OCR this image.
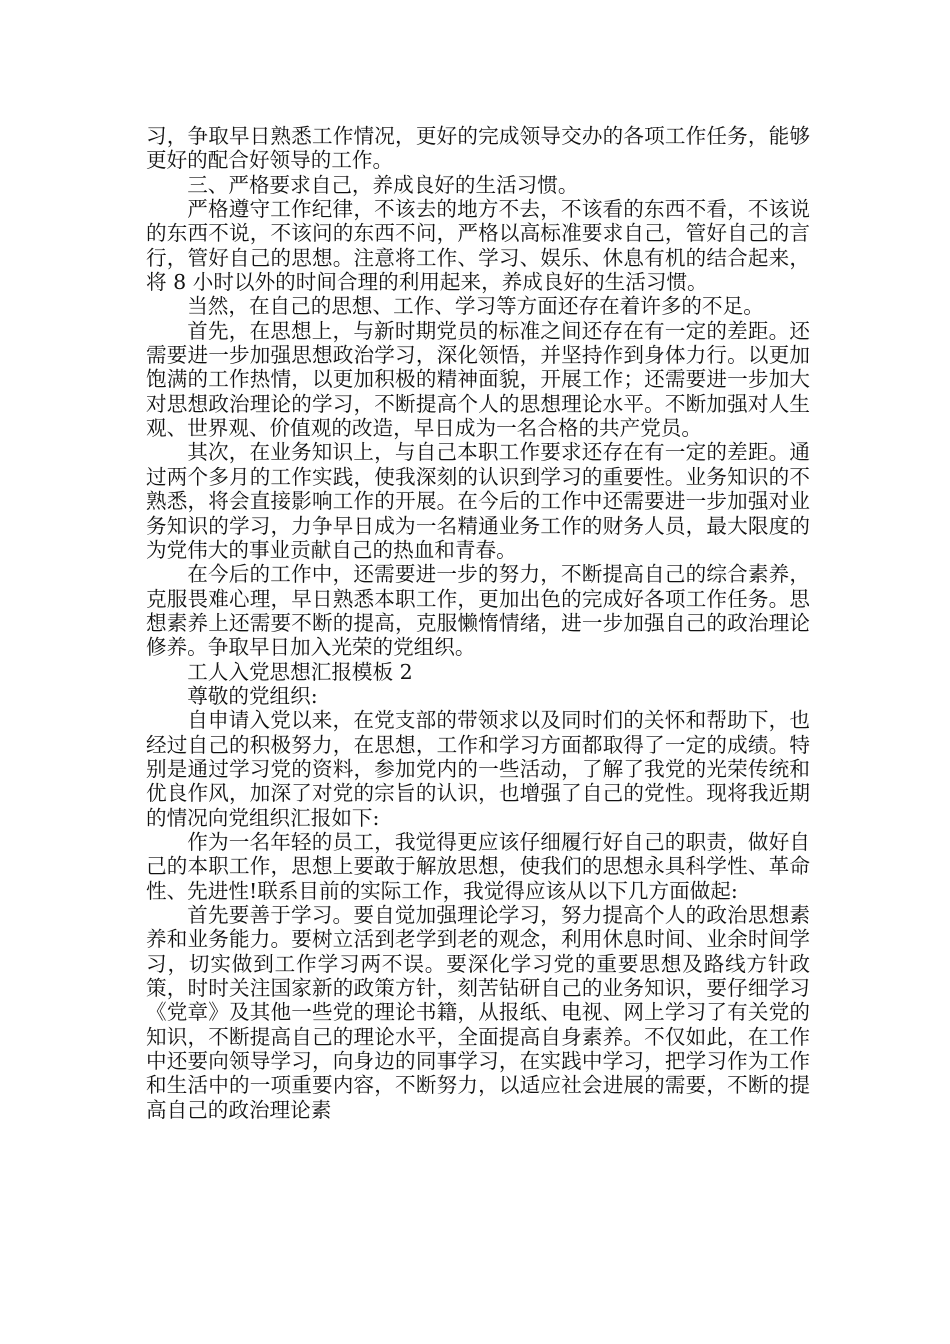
习，争取早日熟悉工作情况，更好的完成领导交办的各项工作任务，能够更好的配合好领导的工作。

三、严格要求自己，养成良好的生活习惯。

严格遵守工作纪律，不该去的地方不去，不该看的东西不看，不该说的东西不说，不该问的东西不问，严格以高标准要求自己，管好自己的言行，管好自己的思想。注意将工作、学习、娱乐、休息有机的结合起来，将 8 小时以外的时间合理的利用起来，养成良好的生活习惯。

当然，在自己的思想、工作、学习等方面还存在着许多的不足。

首先，在思想上，与新时期党员的标准之间还存在有一定的差距。还需要进一步加强思想政治学习，深化领悟，并坚持作到身体力行。以更加饱满的工作热情，以更加积极的精神面貌，开展工作；还需要进一步加大对思想政治理论的学习，不断提高个人的思想理论水平。不断加强对人生观、世界观、价值观的改造，早日成为一名合格的共产党员。

其次，在业务知识上，与自己本职工作要求还存在有一定的差距。通过两个多月的工作实践，使我深刻的认识到学习的重要性。业务知识的不熟悉，将会直接影响工作的开展。在今后的工作中还需要进一步加强对业务知识的学习，力争早日成为一名精通业务工作的财务人员，最大限度的为党伟大的事业贡献自己的热血和青春。

在今后的工作中，还需要进一步的努力，不断提高自己的综合素养，克服畏难心理，早日熟悉本职工作，更加出色的完成好各项工作任务。思想素养上还需要不断的提高，克服懒惰情绪，进一步加强自己的政治理论修养。争取早日加入光荣的党组织。

工人入党思想汇报模板 2

尊敬的党组织:

自申请入党以来，在党支部的带领求以及同时们的关怀和帮助下，也经过自己的积极努力，在思想，工作和学习方面都取得了一定的成绩。特别是通过学习党的资料，参加党内的一些活动，了解了我党的光荣传统和优良作风，加深了对党的宗旨的认识，也增强了自己的党性。现将我近期的情况向党组织汇报如下:

作为一名年轻的员工，我觉得更应该仔细履行好自己的职责，做好自己的本职工作，思想上要敢于解放思想，使我们的思想永具科学性、革命性、先进性!联系目前的实际工作，我觉得应该从以下几方面做起:

首先要善于学习。要自觉加强理论学习，努力提高个人的政治思想素养和业务能力。要树立活到老学到老的观念，利用休息时间、业余时间学习，切实做到工作学习两不误。要深化学习党的重要思想及路线方针政策，时时关注国家新的政策方针，刻苦钻研自己的业务知识，要仔细学习《党章》及其他一些党的理论书籍，从报纸、电视、网上学习了有关党的知识，不断提高自己的理论水平，全面提高自身素养。不仅如此，在工作中还要向领导学习，向身边的同事学习，在实践中学习，把学习作为工作和生活中的一项重要内容，不断努力，以适应社会进展的需要，不断的提高自己的政治理论素
